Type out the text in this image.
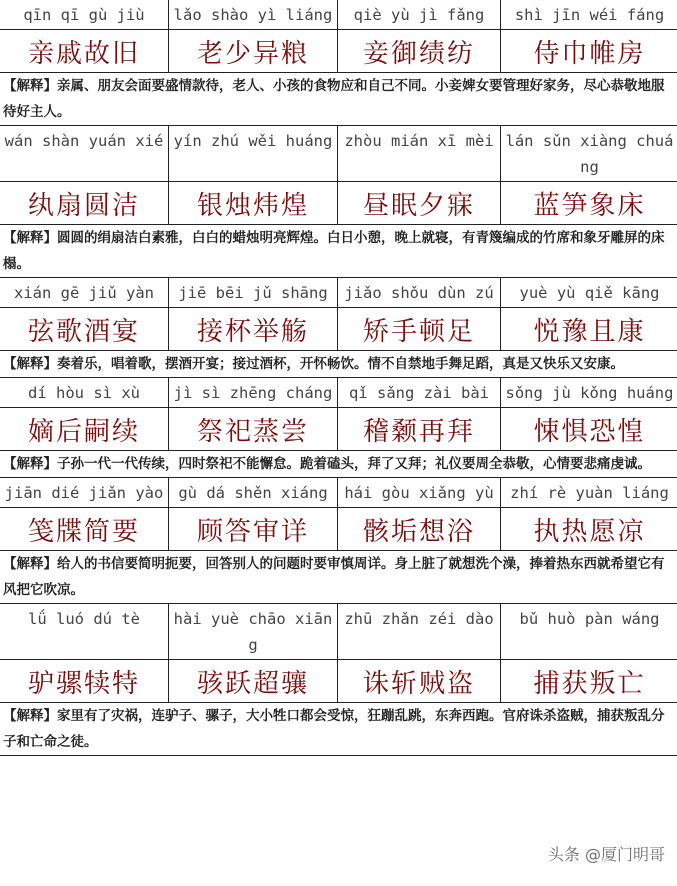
qīn qī gù jiù	lǎo shào yì liáng	qiè yù jì fǎng	shì jīn wéi fáng
亲戚故旧	老少异粮	妾御绩纺	侍巾帷房
【解释】亲属、朋友会面要盛情款待，老人、小孩的食物应和自己不同。小妾婢女要管理好家务，尽心恭敬地服待好主人。			
wán shàn yuán xié	yín zhú wěi huáng	zhòu mián xī mèi	lán sǔn xiàng chuáng
纨扇圆洁	银烛炜煌	昼眠夕寐	蓝笋象床
【解释】圆圆的绢扇洁白素雅，白白的蜡烛明亮辉煌。白日小憩，晚上就寝，有青篾编成的竹席和象牙雕屏的床榻。			
xián gē jiǔ yàn	jiē bēi jǔ shāng	jiǎo shǒu dùn zú	yuè yù qiě kāng
弦歌酒宴	接杯举觞	矫手顿足	悦豫且康
【解释】奏着乐，唱着歌，摆酒开宴；接过酒杯，开怀畅饮。情不自禁地手舞足蹈，真是又快乐又安康。			
dí hòu sì xù	jì sì zhēng cháng	qǐ sǎng zài bài	sǒng jù kǒng huáng
嫡后嗣续	祭祀蒸尝	稽颡再拜	悚惧恐惶
【解释】子孙一代一代传续，四时祭祀不能懈怠。跪着磕头，拜了又拜；礼仪要周全恭敬，心情要悲痛虔诚。			
jiān dié jiǎn yào	gù dá shěn xiáng	hái gòu xiǎng yù	zhí rè yuàn liáng
笺牒简要	顾答审详	骸垢想浴	执热愿凉
【解释】给人的书信要简明扼要，回答别人的问题时要审慎周详。身上脏了就想洗个澡，捧着热东西就希望它有风把它吹凉。			
lǘ luó dú tè	hài yuè chāo xiāng	zhū zhǎn zéi dào	bǔ huò pàn wáng
驴骡犊特	骇跃超骧	诛斩贼盗	捕获叛亡
【解释】家里有了灾祸，连驴子、骡子，大小牲口都会受惊，狂蹦乱跳，东奔西跑。官府诛杀盗贼，捕获叛乱分子和亡命之徒。			
头条 @厦门明哥
